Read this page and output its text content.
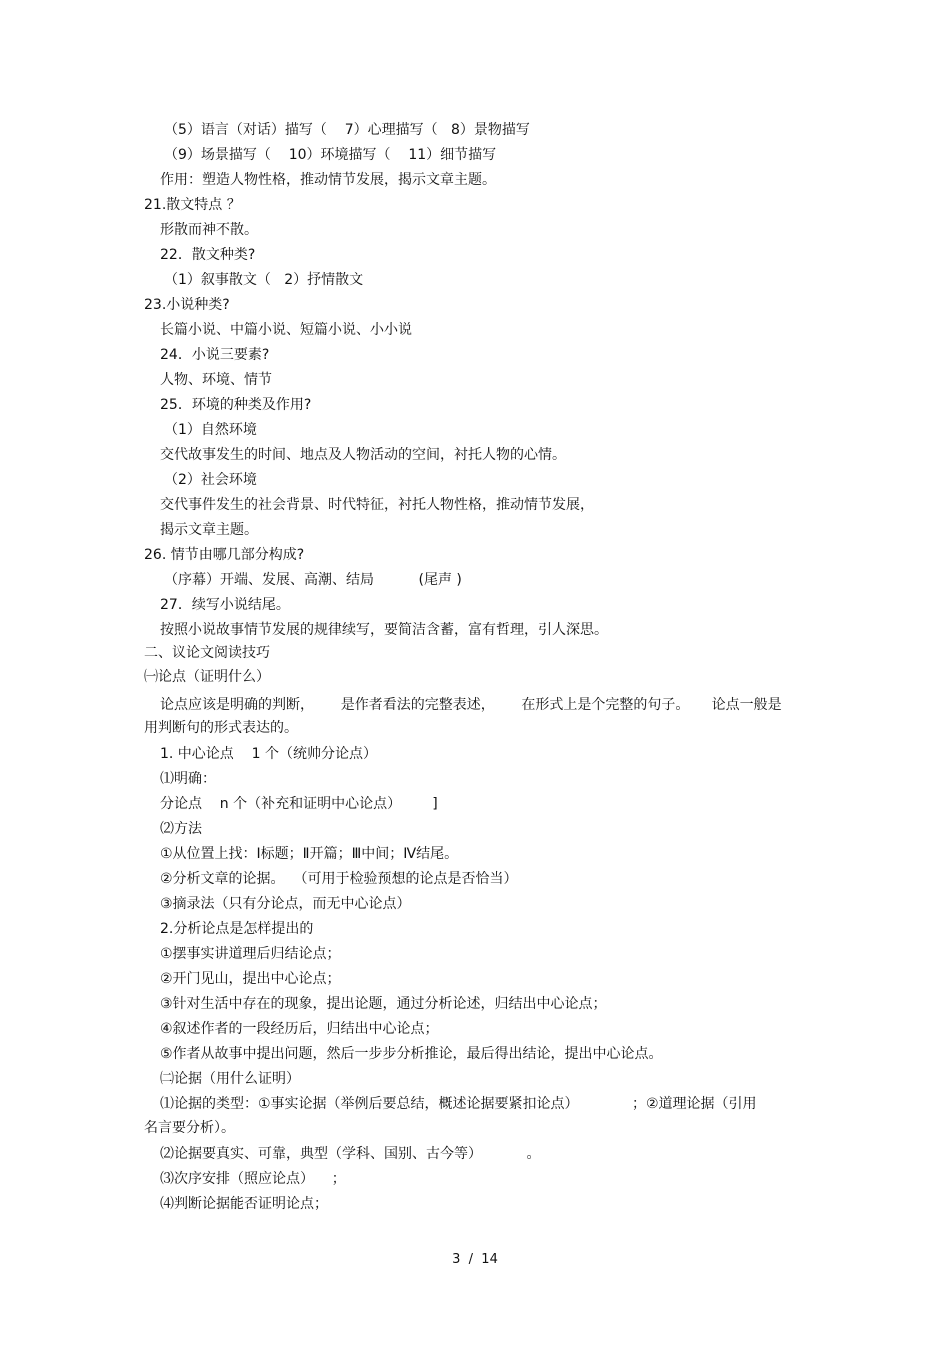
（5）语言（对话）描写（    7）心理描写（   8）景物描写
（9）场景描写（    10）环境描写（    11）细节描写
作用：塑造人物性格，推动情节发展，揭示文章主题。
21.散文特点 ？
形散而神不散。
22．散文种类?
（1）叙事散文（   2）抒情散文
23.小说种类?
长篇小说、中篇小说、短篇小说、小小说
24．小说三要素?
人物、环境、情节
25．环境的种类及作用?
（1）自然环境
交代故事发生的时间、地点及人物活动的空间，衬托人物的心情。
（2）社会环境
交代事件发生的社会背景、时代特征，衬托人物性格，推动情节发展，
揭示文章主题。
26. 情节由哪几部分构成?
（序幕）开端、发展、高潮、结局          (尾声 )
27．续写小说结尾。
按照小说故事情节发展的规律续写，要简洁含蓄，富有哲理，引人深思。
二、议论文阅读技巧
㈠论点（证明什么）
论点应该是明确的判断，      是作者看法的完整表述，      在形式上是个完整的句子。     论点一般是
用判断句的形式表达的。
1. 中心论点    1 个（统帅分论点）
⑴明确：
分论点    n 个（补充和证明中心论点）       ]
⑵方法
①从位置上找：Ⅰ标题；Ⅱ开篇；Ⅲ中间；Ⅳ结尾。
②分析文章的论据。  （可用于检验预想的论点是否恰当）
③摘录法（只有分论点，而无中心论点）
2.分析论点是怎样提出的
①摆事实讲道理后归结论点；
②开门见山，提出中心论点；
③针对生活中存在的现象，提出论题，通过分析论述，归结出中心论点；
④叙述作者的一段经历后，归结出中心论点；
⑤作者从故事中提出问题，然后一步步分析推论，最后得出结论，提出中心论点。
㈡论据（用什么证明）
⑴论据的类型：①事实论据（举例后要总结，概述论据要紧扣论点）            ；②道理论据（引用
名言要分析）。
⑵论据要真实、可靠，典型（学科、国别、古今等）          。
⑶次序安排（照应论点）    ；
⑷判断论据能否证明论点；
3  /  14
